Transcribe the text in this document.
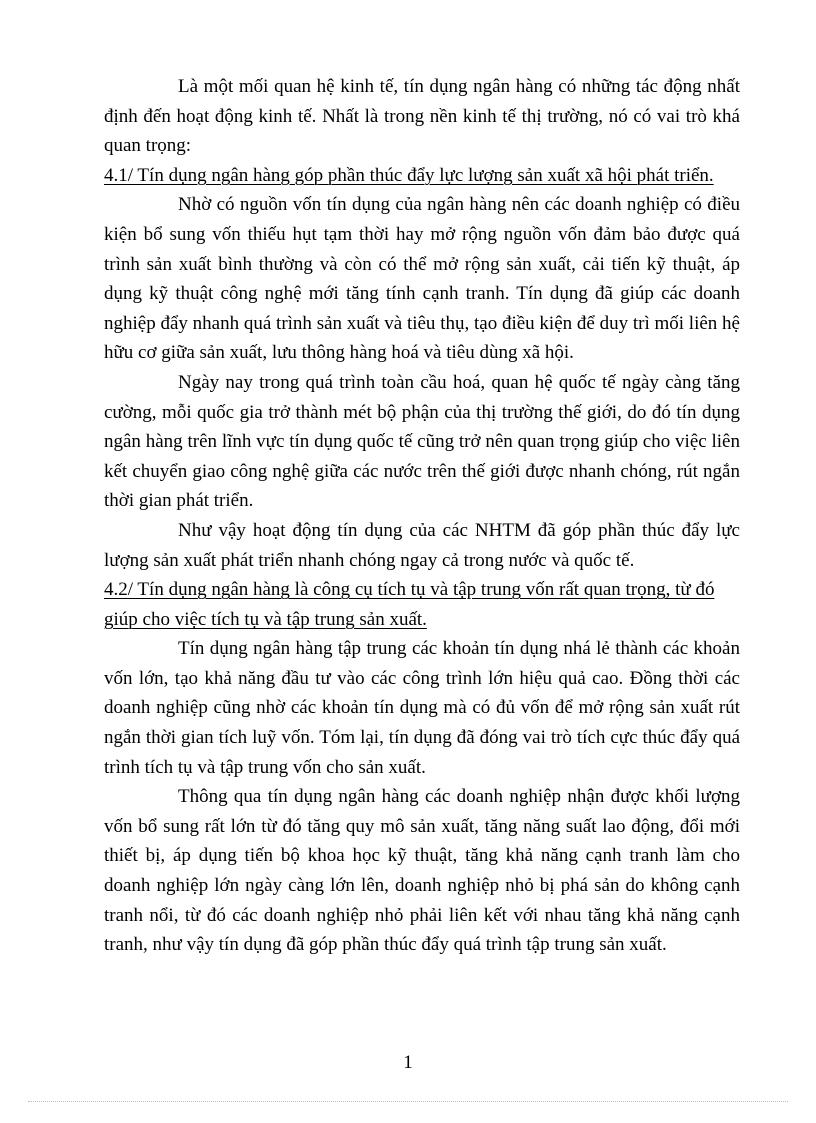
Là một mối quan hệ kinh tế, tín dụng ngân hàng có những tác động nhất định đến hoạt động kinh tế. Nhất là trong nền kinh tế thị trường, nó có vai trò khá quan trọng:

4.1/ Tín dụng ngân hàng góp phần thúc đẩy lực lượng sản xuất xã hội phát triển.

Nhờ có nguồn vốn tín dụng của ngân hàng nên các doanh nghiệp có điều kiện bổ sung vốn thiếu hụt tạm thời hay mở rộng nguồn vốn đảm bảo được quá trình sản xuất bình thường và còn có thể mở rộng sản xuất, cải tiến kỹ thuật, áp dụng kỹ thuật công nghệ mới tăng tính cạnh tranh. Tín dụng đã giúp các doanh nghiệp đẩy nhanh quá trình sản xuất và tiêu thụ, tạo điều kiện để duy trì mối liên hệ hữu cơ giữa sản xuất, lưu thông hàng hoá và tiêu dùng xã hội.

Ngày nay trong quá trình toàn cầu hoá, quan hệ quốc tế ngày càng tăng cường, mỗi quốc gia trở thành mét bộ phận của thị trường thế giới, do đó tín dụng ngân hàng trên lĩnh vực tín dụng quốc tế cũng trở nên quan trọng giúp cho việc liên kết chuyển giao công nghệ giữa các nước trên thế giới được nhanh chóng, rút ngắn thời gian phát triển.

Như vậy hoạt động tín dụng của các NHTM đã góp phần thúc đẩy lực lượng sản xuất phát triển nhanh chóng ngay cả trong nước và quốc tế.

4.2/ Tín dụng ngân hàng là công cụ tích tụ và tập trung vốn rất quan trọng, từ đó giúp cho việc tích tụ và tập trung sản xuất.

Tín dụng ngân hàng tập trung các khoản tín dụng nhá lẻ thành các khoản vốn lớn, tạo khả năng đầu tư vào các công trình lớn hiệu quả cao. Đồng thời các doanh nghiệp cũng nhờ các khoản tín dụng mà có đủ vốn để mở rộng sản xuất rút ngắn thời gian tích luỹ vốn. Tóm lại, tín dụng đã đóng vai trò tích cực thúc đẩy quá trình tích tụ và tập trung vốn cho sản xuất.

Thông qua tín dụng ngân hàng các doanh nghiệp nhận được khối lượng vốn bổ sung rất lớn từ đó tăng quy mô sản xuất, tăng năng suất lao động, đổi mới thiết bị, áp dụng tiến bộ khoa học kỹ thuật, tăng khả năng cạnh tranh làm cho doanh nghiệp lớn ngày càng lớn lên, doanh nghiệp nhỏ bị phá sản do không cạnh tranh nổi, từ đó các doanh nghiệp nhỏ phải liên kết với nhau tăng khả năng cạnh tranh, như vậy tín dụng đã góp phần thúc đẩy quá trình tập trung sản xuất.

1
